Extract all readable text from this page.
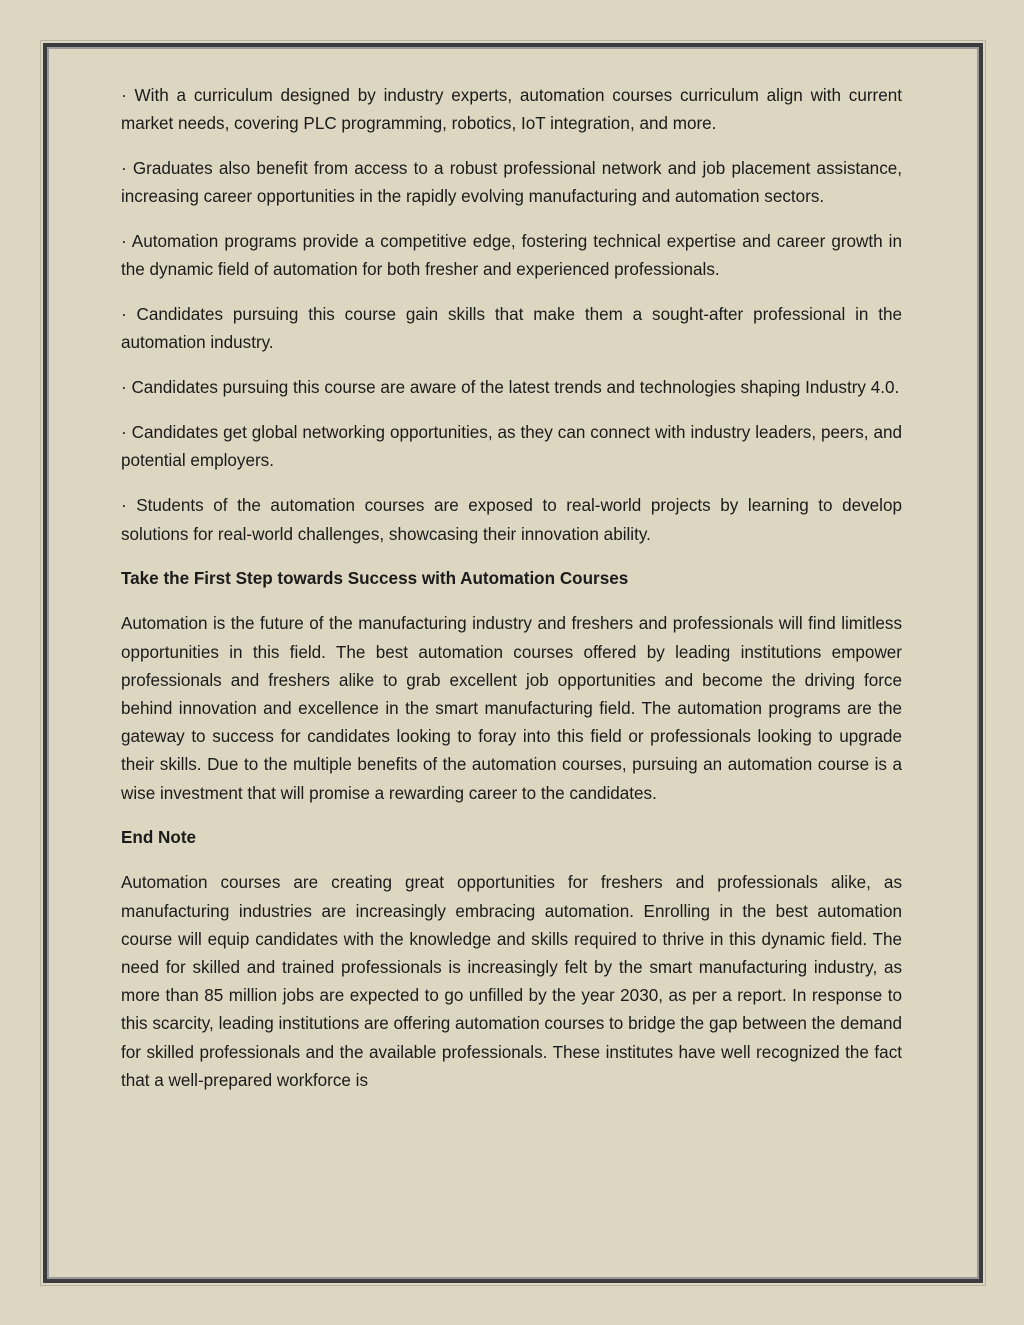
· With a curriculum designed by industry experts, automation courses curriculum align with current market needs, covering PLC programming, robotics, IoT integration, and more.

· Graduates also benefit from access to a robust professional network and job placement assistance, increasing career opportunities in the rapidly evolving manufacturing and automation sectors.

· Automation programs provide a competitive edge, fostering technical expertise and career growth in the dynamic field of automation for both fresher and experienced professionals.

· Candidates pursuing this course gain skills that make them a sought-after professional in the automation industry.

· Candidates pursuing this course are aware of the latest trends and technologies shaping Industry 4.0.

· Candidates get global networking opportunities, as they can connect with industry leaders, peers, and potential employers.

· Students of the automation courses are exposed to real-world projects by learning to develop solutions for real-world challenges, showcasing their innovation ability.

Take the First Step towards Success with Automation Courses

Automation is the future of the manufacturing industry and freshers and professionals will find limitless opportunities in this field. The best automation courses offered by leading institutions empower professionals and freshers alike to grab excellent job opportunities and become the driving force behind innovation and excellence in the smart manufacturing field. The automation programs are the gateway to success for candidates looking to foray into this field or professionals looking to upgrade their skills. Due to the multiple benefits of the automation courses, pursuing an automation course is a wise investment that will promise a rewarding career to the candidates.

End Note

Automation courses are creating great opportunities for freshers and professionals alike, as manufacturing industries are increasingly embracing automation. Enrolling in the best automation course will equip candidates with the knowledge and skills required to thrive in this dynamic field. The need for skilled and trained professionals is increasingly felt by the smart manufacturing industry, as more than 85 million jobs are expected to go unfilled by the year 2030, as per a report. In response to this scarcity, leading institutions are offering automation courses to bridge the gap between the demand for skilled professionals and the available professionals. These institutes have well recognized the fact that a well-prepared workforce is
